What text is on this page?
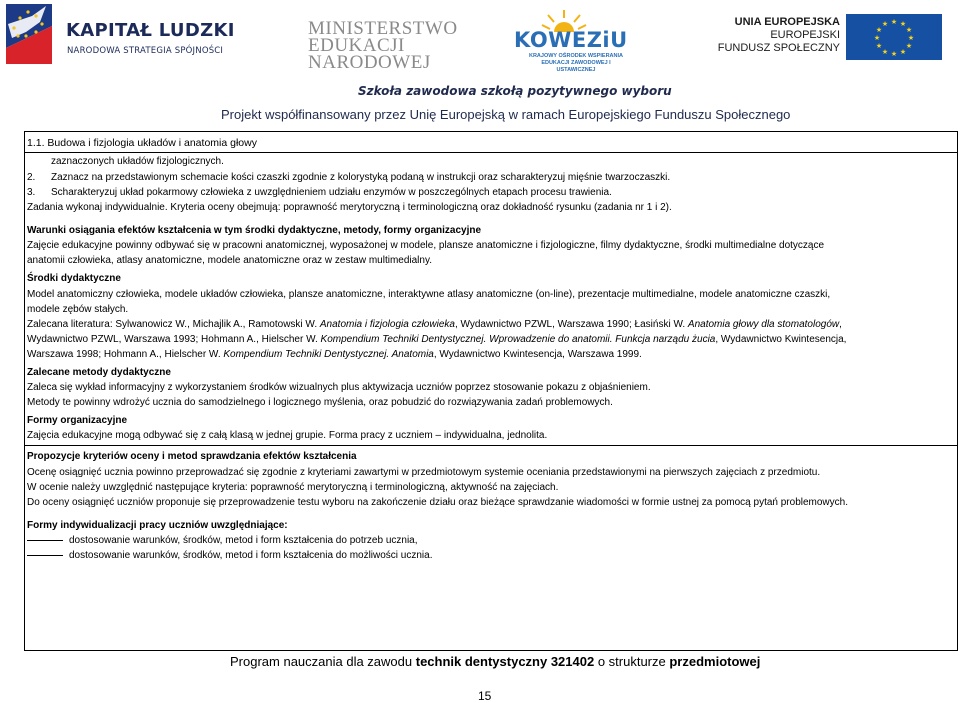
KAPITAŁ LUDZKI
NARODOWA STRATEGIA SPÓJNOŚCI
MINISTERSTWO
EDUKACJI
NARODOWEJ
KOWEZiU
KRAJOWY OŚRODEK WSPIERANIA
EDUKACJI ZAWODOWEJ I USTAWICZNEJ
UNIA EUROPEJSKA
EUROPEJSKI
FUNDUSZ SPOŁECZNY
★ ★
★
★
★
★
★
★
★
★
★
★
Szkoła zawodowa szkołą pozytywnego wyboru
Projekt współfinansowany przez Unię Europejską w ramach Europejskiego Funduszu Społecznego
1.1. Budowa i fizjologia układów i anatomia głowy
zaznaczonych układów fizjologicznych.
2. Zaznacz na przedstawionym schemacie kości czaszki zgodnie z kolorystyką podaną w instrukcji oraz scharakteryzuj mięśnie twarzoczaszki.
3. Scharakteryzuj układ pokarmowy człowieka z uwzględnieniem udziału enzymów w poszczególnych etapach procesu trawienia.
Zadania wykonaj indywidualnie. Kryteria oceny obejmują: poprawność merytoryczną i terminologiczną oraz dokładność rysunku (zadania nr 1 i 2).
Warunki osiągania efektów kształcenia w tym środki dydaktyczne, metody, formy organizacyjne
Zajęcie edukacyjne powinny odbywać się w pracowni anatomicznej, wyposażonej w modele, plansze anatomiczne i fizjologiczne, filmy dydaktyczne, środki multimedialne dotyczące
anatomii człowieka, atlasy anatomiczne, modele anatomiczne oraz w zestaw multimedialny.
Środki dydaktyczne
Model anatomiczny człowieka, modele układów człowieka, plansze anatomiczne, interaktywne atlasy anatomiczne (on-line), prezentacje multimedialne, modele anatomiczne czaszki,
modele zębów stałych.
Zalecana literatura: Sylwanowicz W., Michajlik A., Ramotowski W. Anatomia i fizjologia człowieka, Wydawnictwo PZWL, Warszawa 1990; Łasiński W. Anatomia głowy dla stomatologów,
Wydawnictwo PZWL, Warszawa 1993; Hohmann A., Hielscher W. Kompendium Techniki Dentystycznej. Wprowadzenie do anatomii. Funkcja narządu żucia, Wydawnictwo Kwintesencja,
Warszawa 1998; Hohmann A., Hielscher W. Kompendium Techniki Dentystycznej. Anatomia, Wydawnictwo Kwintesencja, Warszawa 1999.
Zalecane metody dydaktyczne
Zaleca się wykład informacyjny z wykorzystaniem środków wizualnych plus aktywizacja uczniów poprzez stosowanie pokazu z objaśnieniem.
Metody te powinny wdrożyć ucznia do samodzielnego i logicznego myślenia, oraz pobudzić do rozwiązywania zadań problemowych.
Formy organizacyjne
Zajęcia edukacyjne mogą odbywać się z całą klasą w jednej grupie. Forma pracy z uczniem – indywidualna, jednolita.
Propozycje kryteriów oceny i metod sprawdzania efektów kształcenia
Ocenę osiągnięć ucznia powinno przeprowadzać się zgodnie z kryteriami zawartymi w przedmiotowym systemie oceniania przedstawionymi na pierwszych zajęciach z przedmiotu.
W ocenie należy uwzględnić następujące kryteria: poprawność merytoryczną i terminologiczną, aktywność na zajęciach.
Do oceny osiągnięć uczniów proponuje się przeprowadzenie testu wyboru na zakończenie działu oraz bieżące sprawdzanie wiadomości w formie ustnej za pomocą pytań problemowych.
Formy indywidualizacji pracy uczniów uwzględniające:
dostosowanie warunków, środków, metod i form kształcenia do potrzeb ucznia,
dostosowanie warunków, środków, metod i form kształcenia do możliwości ucznia.
Program nauczania dla zawodu technik dentystyczny 321402 o strukturze przedmiotowej
15
